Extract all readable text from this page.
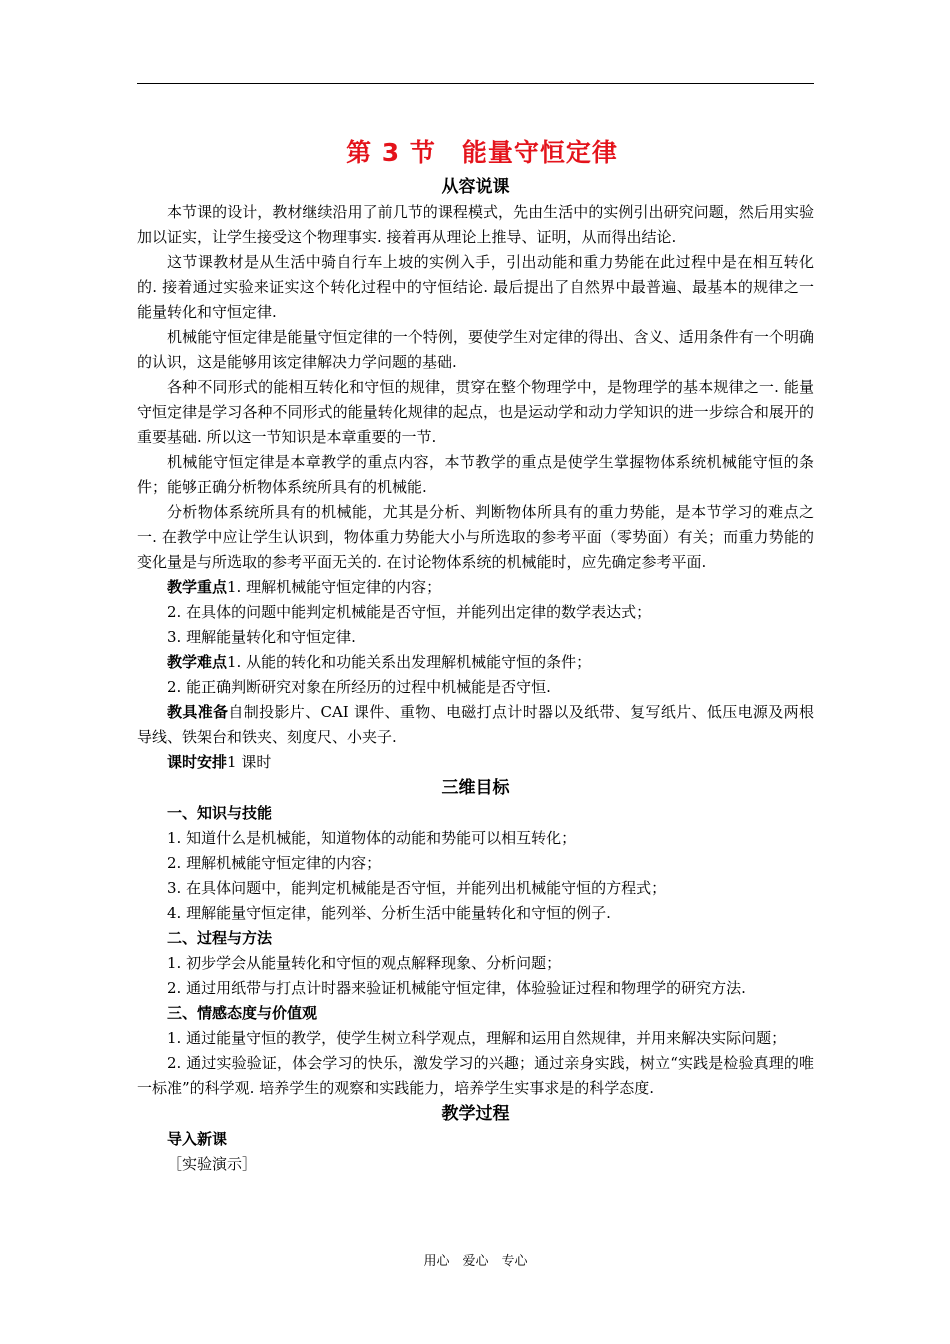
第 3 节　能量守恒定律
从容说课

本节课的设计，教材继续沿用了前几节的课程模式，先由生活中的实例引出研究问题，然后用实验加以证实，让学生接受这个物理事实. 接着再从理论上推导、证明，从而得出结论.

这节课教材是从生活中骑自行车上坡的实例入手，引出动能和重力势能在此过程中是在相互转化的. 接着通过实验来证实这个转化过程中的守恒结论. 最后提出了自然界中最普遍、最基本的规律之一能量转化和守恒定律.

机械能守恒定律是能量守恒定律的一个特例，要使学生对定律的得出、含义、适用条件有一个明确的认识，这是能够用该定律解决力学问题的基础.

各种不同形式的能相互转化和守恒的规律，贯穿在整个物理学中，是物理学的基本规律之一. 能量守恒定律是学习各种不同形式的能量转化规律的起点，也是运动学和动力学知识的进一步综合和展开的重要基础. 所以这一节知识是本章重要的一节.

机械能守恒定律是本章教学的重点内容，本节教学的重点是使学生掌握物体系统机械能守恒的条件；能够正确分析物体系统所具有的机械能.

分析物体系统所具有的机械能，尤其是分析、判断物体所具有的重力势能，是本节学习的难点之一. 在教学中应让学生认识到，物体重力势能大小与所选取的参考平面（零势面）有关；而重力势能的变化量是与所选取的参考平面无关的. 在讨论物体系统的机械能时，应先确定参考平面.

教学重点1. 理解机械能守恒定律的内容；

2. 在具体的问题中能判定机械能是否守恒，并能列出定律的数学表达式；

3. 理解能量转化和守恒定律.

教学难点1. 从能的转化和功能关系出发理解机械能守恒的条件；

2. 能正确判断研究对象在所经历的过程中机械能是否守恒.

教具准备自制投影片、CAI 课件、重物、电磁打点计时器以及纸带、复写纸片、低压电源及两根导线、铁架台和铁夹、刻度尺、小夹子.

课时安排1 课时

三维目标
一、知识与技能

1. 知道什么是机械能，知道物体的动能和势能可以相互转化；

2. 理解机械能守恒定律的内容；

3. 在具体问题中，能判定机械能是否守恒，并能列出机械能守恒的方程式；

4. 理解能量守恒定律，能列举、分析生活中能量转化和守恒的例子.

二、过程与方法

1. 初步学会从能量转化和守恒的观点解释现象、分析问题；

2. 通过用纸带与打点计时器来验证机械能守恒定律，体验验证过程和物理学的研究方法.

三、情感态度与价值观

1. 通过能量守恒的教学，使学生树立科学观点，理解和运用自然规律，并用来解决实际问题；

2. 通过实验验证，体会学习的快乐，激发学习的兴趣；通过亲身实践，树立“实践是检验真理的唯一标准”的科学观. 培养学生的观察和实践能力，培养学生实事求是的科学态度.

教学过程
导入新课

［实验演示］

用心　爱心　专心
